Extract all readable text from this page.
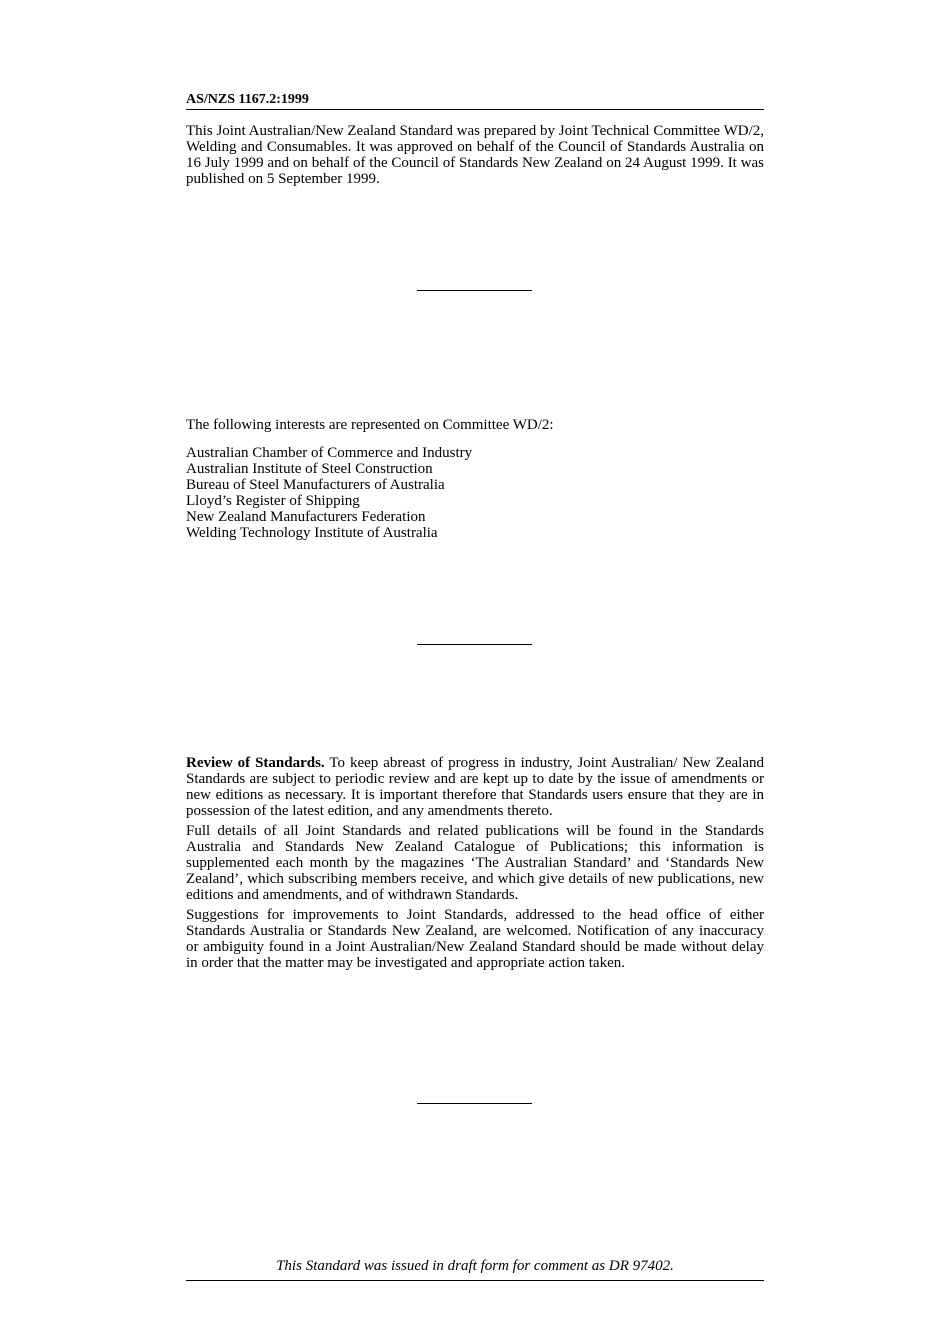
AS/NZS 1167.2:1999

This Joint Australian/New Zealand Standard was prepared by Joint Technical Committee WD/2, Welding and Consumables. It was approved on behalf of the Council of Standards Australia on 16 July 1999 and on behalf of the Council of Standards New Zealand on 24 August 1999. It was published on 5 September 1999.

The following interests are represented on Committee WD/2:

Australian Chamber of Commerce and Industry
Australian Institute of Steel Construction
Bureau of Steel Manufacturers of Australia
Lloyd’s Register of Shipping
New Zealand Manufacturers Federation
Welding Technology Institute of Australia

Review of Standards. To keep abreast of progress in industry, Joint Australian/ New Zealand Standards are subject to periodic review and are kept up to date by the issue of amendments or new editions as necessary. It is important therefore that Standards users ensure that they are in possession of the latest edition, and any amendments thereto.

Full details of all Joint Standards and related publications will be found in the Standards Australia and Standards New Zealand Catalogue of Publications; this information is supplemented each month by the magazines ‘The Australian Standard’ and ‘Standards New Zealand’, which subscribing members receive, and which give details of new publications, new editions and amendments, and of withdrawn Standards.

Suggestions for improvements to Joint Standards, addressed to the head office of either Standards Australia or Standards New Zealand, are welcomed. Notification of any inaccuracy or ambiguity found in a Joint Australian/New Zealand Standard should be made without delay in order that the matter may be investigated and appropriate action taken.

This Standard was issued in draft form for comment as DR 97402.
